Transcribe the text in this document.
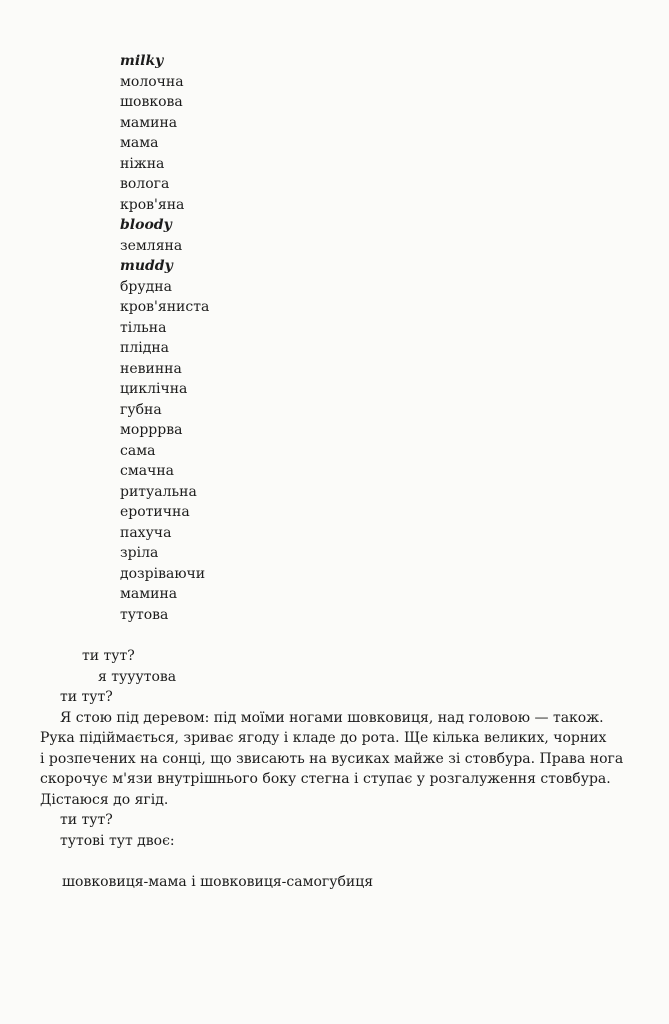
milky
молочна
шовкова
мамина
мама
ніжна
волога
кров'яна
bloody
земляна
muddy
брудна
кров'яниста
тільна
плідна
невинна
циклічна
губна
морррва
сама
смачна
ритуальна
еротична
пахуча
зріла
дозріваючи
мамина
тутова
ти тут?
я тууутова
ти тут?
Я стою під деревом: під моїми ногами шовковиця, над головою — також.
Рука підіймається, зриває ягоду і кладе до рота. Ще кілька великих, чорних
і розпечених на сонці, що звисають на вусиках майже зі стовбура. Права нога
скорочує м'язи внутрішнього боку стегна і ступає у розгалуження стовбура.
Дістаюся до ягід.
ти тут?
тутові тут двоє:
шовковиця-мама і шовковиця-самогубиця
